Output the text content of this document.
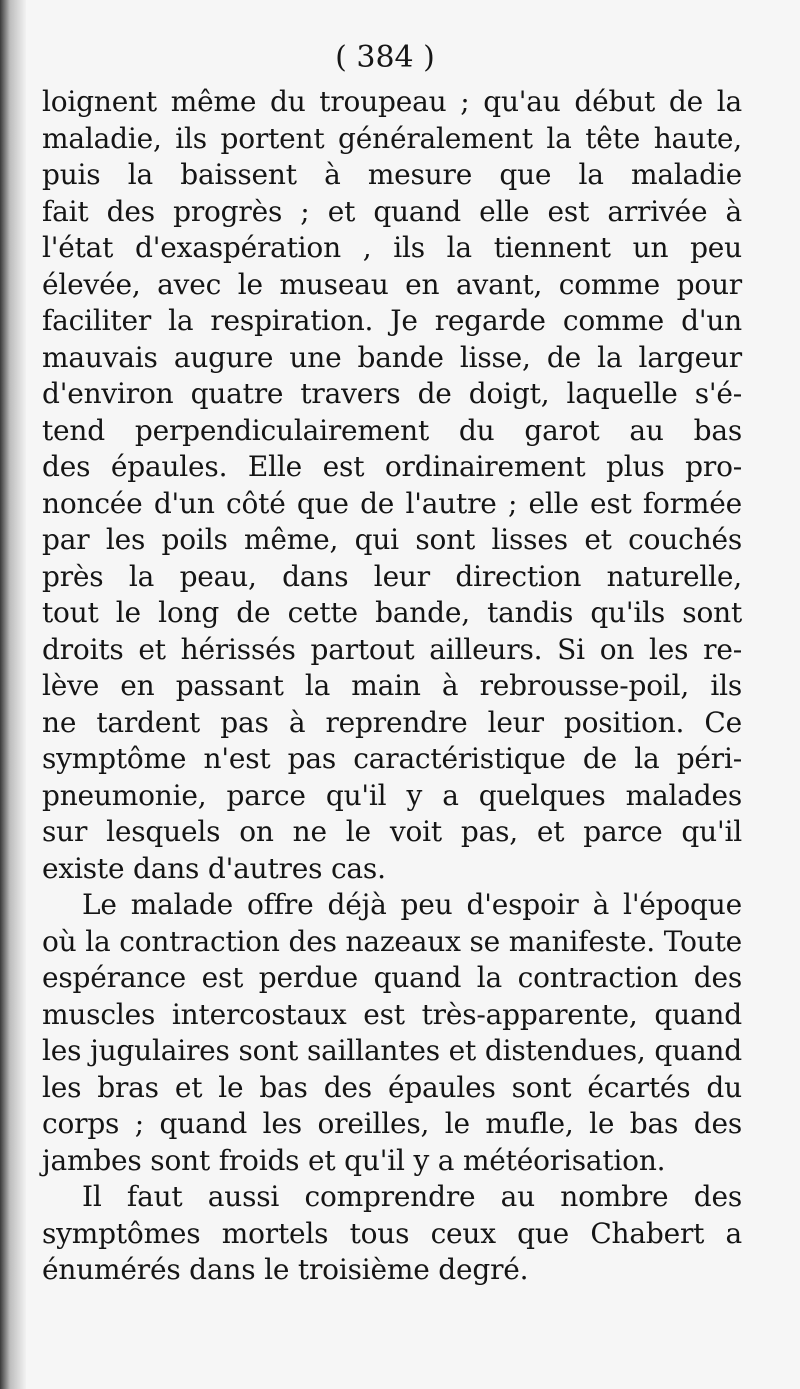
( 384 )
loignent même du troupeau ; qu'au début de la
maladie, ils portent généralement la tête haute,
puis la baissent à mesure que la maladie
fait des progrès ; et quand elle est arrivée à
l'état d'exaspération , ils la tiennent un peu
élevée, avec le museau en avant, comme pour
faciliter la respiration. Je regarde comme d'un
mauvais augure une bande lisse, de la largeur
d'environ quatre travers de doigt, laquelle s'é-
tend perpendiculairement du garot au bas
des épaules. Elle est ordinairement plus pro-
noncée d'un côté que de l'autre ; elle est formée
par les poils même, qui sont lisses et couchés
près la peau, dans leur direction naturelle,
tout le long de cette bande, tandis qu'ils sont
droits et hérissés partout ailleurs. Si on les re-
lève en passant la main à rebrousse-poil, ils
ne tardent pas à reprendre leur position. Ce
symptôme n'est pas caractéristique de la péri-
pneumonie, parce qu'il y a quelques malades
sur lesquels on ne le voit pas, et parce qu'il
existe dans d'autres cas.
Le malade offre déjà peu d'espoir à l'époque
où la contraction des nazeaux se manifeste. Toute
espérance est perdue quand la contraction des
muscles intercostaux est très-apparente, quand
les jugulaires sont saillantes et distendues, quand
les bras et le bas des épaules sont écartés du
corps ; quand les oreilles, le mufle, le bas des
jambes sont froids et qu'il y a météorisation.
Il faut aussi comprendre au nombre des
symptômes mortels tous ceux que Chabert a
énumérés dans le troisième degré.
